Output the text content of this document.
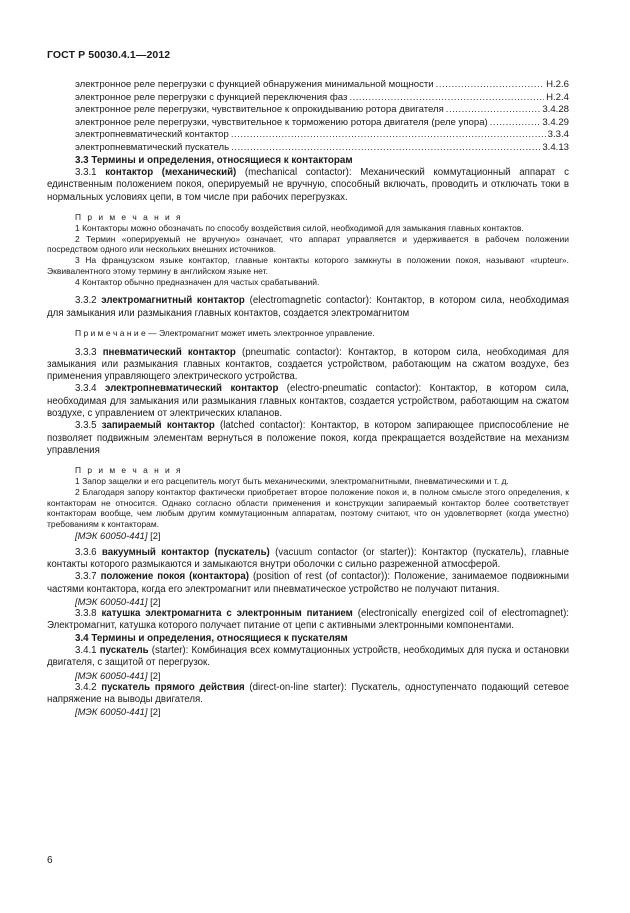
ГОСТ Р 50030.4.1—2012
электронное реле перегрузки с функцией обнаружения минимальной мощности .....	H.2.6
электронное реле перегрузки с функцией переключения фаз .....	H.2.4
электронное реле перегрузки, чувствительное к опрокидыванию ротора двигателя .....	3.4.28
электронное реле перегрузки, чувствительное к торможению ротора двигателя (реле упора) .....	3.4.29
электропневматический контактор .....	3.3.4
электропневматический пускатель .....	3.4.13
3.3 Термины и определения, относящиеся к контакторам

3.3.1 контактор (механический) (mechanical contactor): Механический коммутационный аппарат с единственным положением покоя, оперируемый не вручную, способный включать, проводить и отключать токи в нормальных условиях цепи, в том числе при рабочих перегрузках.

П р и м е ч а н и я

1 Контакторы можно обозначать по способу воздействия силой, необходимой для замыкания главных контактов.

2 Термин «оперируемый не вручную» означает, что аппарат управляется и удерживается в рабочем положении посредством одного или нескольких внешних источников.

3 На французском языке контактор, главные контакты которого замкнуты в положении покоя, называют «rupteur». Эквивалентного этому термину в английском языке нет.

4 Контактор обычно предназначен для частых срабатываний.

3.3.2 электромагнитный контактор (electromagnetic contactor): Контактор, в котором сила, необходимая для замыкания или размыкания главных контактов, создается электромагнитом

П р и м е ч а н и е — Электромагнит может иметь электронное управление.

3.3.3 пневматический контактор (pneumatic contactor): Контактор, в котором сила, необходимая для замыкания или размыкания главных контактов, создается устройством, работающим на сжатом воздухе, без применения управляющего электрического устройства.

3.3.4 электропневматический контактор (electro-pneumatic contactor): Контактор, в котором сила, необходимая для замыкания или размыкания главных контактов, создается устройством, работающим на сжатом воздухе, с управлением от электрических клапанов.

3.3.5 запираемый контактор (latched contactor): Контактор, в котором запирающее приспособление не позволяет подвижным элементам вернуться в положение покоя, когда прекращается воздействие на механизм управления

П р и м е ч а н и я

1 Запор защелки и его расцепитель могут быть механическими, электромагнитными, пневматическими и т. д.

2 Благодаря запору контактор фактически приобретает второе положение покоя и, в полном смысле этого определения, к контакторам не относится. Однако согласно области применения и конструкции запираемый контактор более соответствует контакторам вообще, чем любым другим коммутационным аппаратам, поэтому считают, что он удовлетворяет (когда уместно) требованиям к контакторам.

[МЭК 60050-441] [2]

3.3.6 вакуумный контактор (пускатель) (vacuum contactor (or starter)): Контактор (пускатель), главные контакты которого размыкаются и замыкаются внутри оболочки с сильно разреженной атмосферой.

3.3.7 положение покоя (контактора) (position of rest (of contactor)): Положение, занимаемое подвижными частями контактора, когда его электромагнит или пневматическое устройство не получают питания.

[МЭК 60050-441] [2]

3.3.8 катушка электромагнита с электронным питанием (electronically energized coil of electromagnet): Электромагнит, катушка которого получает питание от цепи с активными электронными компонентами.

3.4 Термины и определения, относящиеся к пускателям

3.4.1 пускатель (starter): Комбинация всех коммутационных устройств, необходимых для пуска и остановки двигателя, с защитой от перегрузок.

[МЭК 60050-441] [2]

3.4.2 пускатель прямого действия (direct-on-line starter): Пускатель, одноступенчато подающий сетевое напряжение на выводы двигателя.

[МЭК 60050-441] [2]
6
